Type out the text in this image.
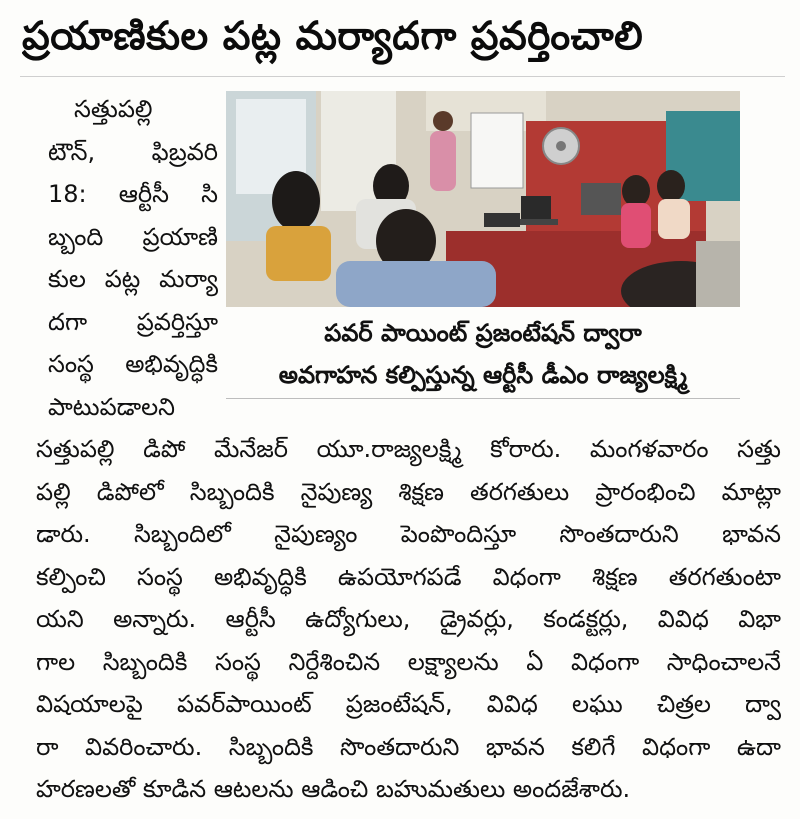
ప్రయాణికుల పట్ల మర్యాదగా ప్రవర్తించాలి
సత్తుపల్లి
టౌన్, ఫిబ్రవరి
18: ఆర్టీసీ సి
బ్బంది ప్రయాణి
కుల పట్ల మర్యా
దగా ప్రవర్తిస్తూ
సంస్థ అభివృద్ధికి
పాటుపడాలని
పవర్ పాయింట్ ప్రజంటేషన్ ద్వారా
అవగాహన కల్పిస్తున్న ఆర్టీసీ డీఎం రాజ్యలక్ష్మి
సత్తుపల్లి డిపో మేనేజర్ యూ.రాజ్యలక్ష్మి కోరారు. మంగళవారం సత్తు
పల్లి డిపోలో సిబ్బందికి నైపుణ్య శిక్షణ తరగతులు ప్రారంభించి మాట్లా
డారు. సిబ్బందిలో నైపుణ్యం పెంపొందిస్తూ సొంతదారుని భావన
కల్పించి సంస్థ అభివృద్ధికి ఉపయోగపడే విధంగా శిక్షణ తరగతుంటా
యని అన్నారు. ఆర్టీసీ ఉద్యోగులు, డ్రైవర్లు, కండక్టర్లు, వివిధ విభా
గాల సిబ్బందికి సంస్థ నిర్దేశించిన లక్ష్యాలను ఏ విధంగా సాధించాలనే
విషయాలపై పవర్‌పాయింట్ ప్రజంటేషన్, వివిధ లఘు చిత్రల ద్వా
రా వివరించారు. సిబ్బందికి సొంతదారుని భావన కలిగే విధంగా ఉదా
హరణలతో కూడిన ఆటలను ఆడించి బహుమతులు అందజేశారు.
